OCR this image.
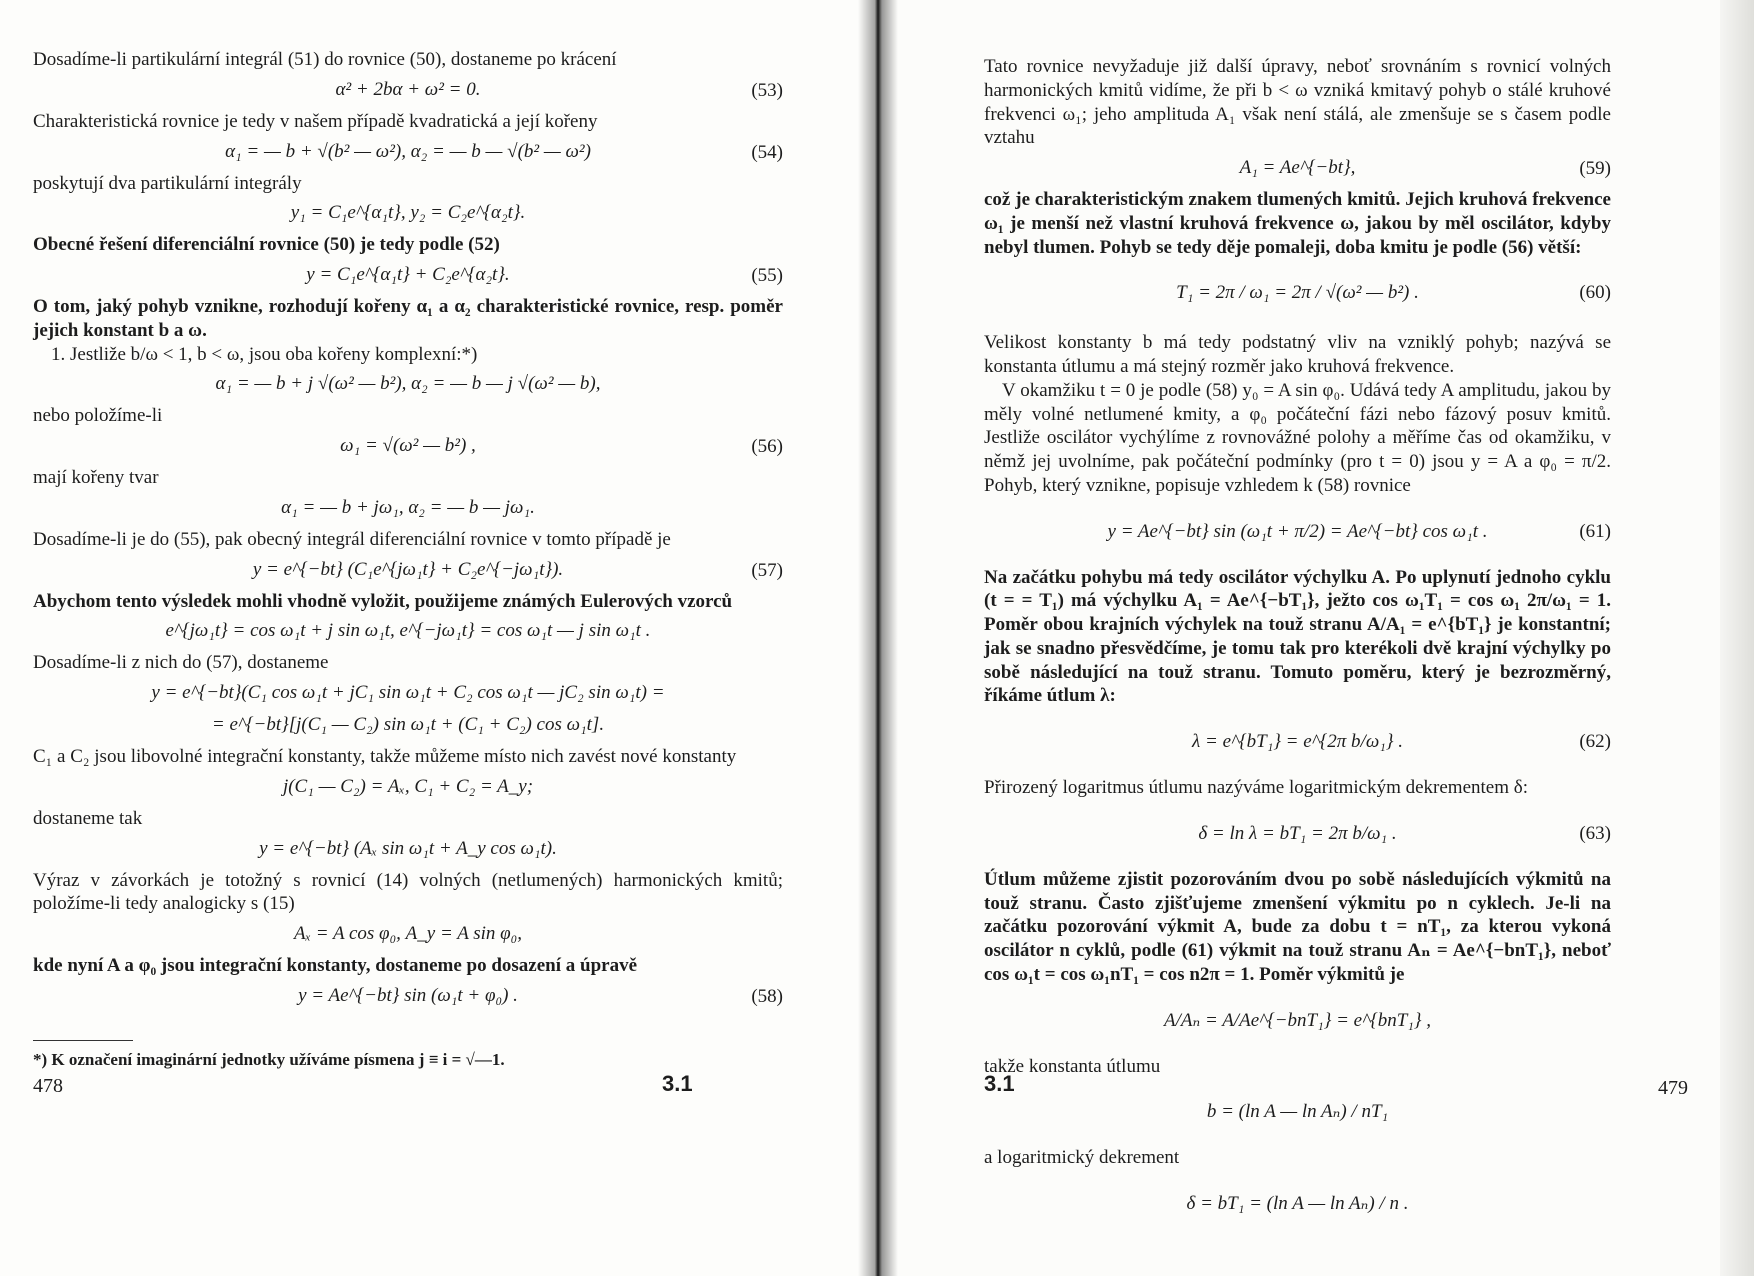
Dosadíme-li partikulární integrál (51) do rovnice (50), dostaneme po krácení

α² + 2bα + ω² = 0.	(53)

Charakteristická rovnice je tedy v našem případě kvadratická a její kořeny

α₁ = — b + √(b² — ω²), α₂ = — b — √(b² — ω²)	(54)

poskytují dva partikulární integrály

y₁ = C₁e^{α₁t}, y₂ = C₂e^{α₂t}.

Obecné řešení diferenciální rovnice (50) je tedy podle (52)

y = C₁e^{α₁t} + C₂e^{α₂t}.	(55)

O tom, jaký pohyb vznikne, rozhodují kořeny α₁ a α₂ charakteristické rovnice, resp. poměr jejich konstant b a ω.

1. Jestliže b/ω < 1, b < ω, jsou oba kořeny komplexní:*)

α₁ = — b + j √(ω² — b²), α₂ = — b — j √(ω² — b),

nebo položíme-li

ω₁ = √(ω² — b²) ,	(56)

mají kořeny tvar

α₁ = — b + jω₁, α₂ = — b — jω₁.

Dosadíme-li je do (55), pak obecný integrál diferenciální rovnice v tomto případě je

y = e^{−bt} (C₁e^{jω₁t} + C₂e^{−jω₁t}).	(57)

Abychom tento výsledek mohli vhodně vyložit, použijeme známých Eulerových vzorců

e^{jω₁t} = cos ω₁t + j sin ω₁t, e^{−jω₁t} = cos ω₁t — j sin ω₁t .

Dosadíme-li z nich do (57), dostaneme

y = e^{−bt}(C₁ cos ω₁t + jC₁ sin ω₁t + C₂ cos ω₁t — jC₂ sin ω₁t) =
= e^{−bt}[j(C₁ — C₂) sin ω₁t + (C₁ + C₂) cos ω₁t].

C₁ a C₂ jsou libovolné integrační konstanty, takže můžeme místo nich zavést nové konstanty

j(C₁ — C₂) = Aₓ, C₁ + C₂ = A_y;

dostaneme tak

y = e^{−bt} (Aₓ sin ω₁t + A_y cos ω₁t).

Výraz v závorkách je totožný s rovnicí (14) volných (netlumených) harmonických kmitů; položíme-li tedy analogicky s (15)

Aₓ = A cos φ₀, A_y = A sin φ₀,

kde nyní A a φ₀ jsou integrační konstanty, dostaneme po dosazení a úpravě

y = Ae^{−bt} sin (ω₁t + φ₀) .	(58)

*) K označení imaginární jednotky užíváme písmena j ≡ i = √—1.

478	3.1

Tato rovnice nevyžaduje již další úpravy, neboť srovnáním s rovnicí volných harmonických kmitů vidíme, že při b < ω vzniká kmitavý pohyb o stálé kruhové frekvenci ω₁; jeho amplituda A₁ však není stálá, ale zmenšuje se s časem podle vztahu

A₁ = Ae^{−bt},	(59)

což je charakteristickým znakem tlumených kmitů. Jejich kruhová frekvence ω₁ je menší než vlastní kruhová frekvence ω, jakou by měl oscilátor, kdyby nebyl tlumen. Pohyb se tedy děje pomaleji, doba kmitu je podle (56) větší:

T₁ = 2π / ω₁ = 2π / √(ω² — b²) .	(60)

Velikost konstanty b má tedy podstatný vliv na vzniklý pohyb; nazývá se konstanta útlumu a má stejný rozměr jako kruhová frekvence.

V okamžiku t = 0 je podle (58) y₀ = A sin φ₀. Udává tedy A amplitudu, jakou by měly volné netlumené kmity, a φ₀ počáteční fázi nebo fázový posuv kmitů. Jestliže oscilátor vychýlíme z rovnovážné polohy a měříme čas od okamžiku, v němž jej uvolníme, pak počáteční podmínky (pro t = 0) jsou y = A a φ₀ = π/2. Pohyb, který vznikne, popisuje vzhledem k (58) rovnice

y = Ae^{−bt} sin (ω₁t + π/2) = Ae^{−bt} cos ω₁t .	(61)

Na začátku pohybu má tedy oscilátor výchylku A. Po uplynutí jednoho cyklu (t = = T₁) má výchylku A₁ = Ae^{−bT₁}, ježto cos ω₁T₁ = cos ω₁ 2π/ω₁ = 1. Poměr obou krajních výchylek na touž stranu A/A₁ = e^{bT₁} je konstantní; jak se snadno přesvědčíme, je tomu tak pro kterékoli dvě krajní výchylky po sobě následující na touž stranu. Tomuto poměru, který je bezrozměrný, říkáme útlum λ:

λ = e^{bT₁} = e^{2π b/ω₁} .	(62)

Přirozený logaritmus útlumu nazýváme logaritmickým dekrementem δ:

δ = ln λ = bT₁ = 2π b/ω₁ .	(63)

Útlum můžeme zjistit pozorováním dvou po sobě následujících výkmitů na touž stranu. Často zjišťujeme zmenšení výkmitu po n cyklech. Je-li na začátku pozorování výkmit A, bude za dobu t = nT₁, za kterou vykoná oscilátor n cyklů, podle (61) výkmit na touž stranu Aₙ = Ae^{−bnT₁}, neboť cos ω₁t = cos ω₁nT₁ = cos n2π = 1. Poměr výkmitů je

A/Aₙ = A/Ae^{−bnT₁} = e^{bnT₁} ,

takže konstanta útlumu

b = (ln A — ln Aₙ) / nT₁

a logaritmický dekrement

δ = bT₁ = (ln A — ln Aₙ) / n .
3.1	479
